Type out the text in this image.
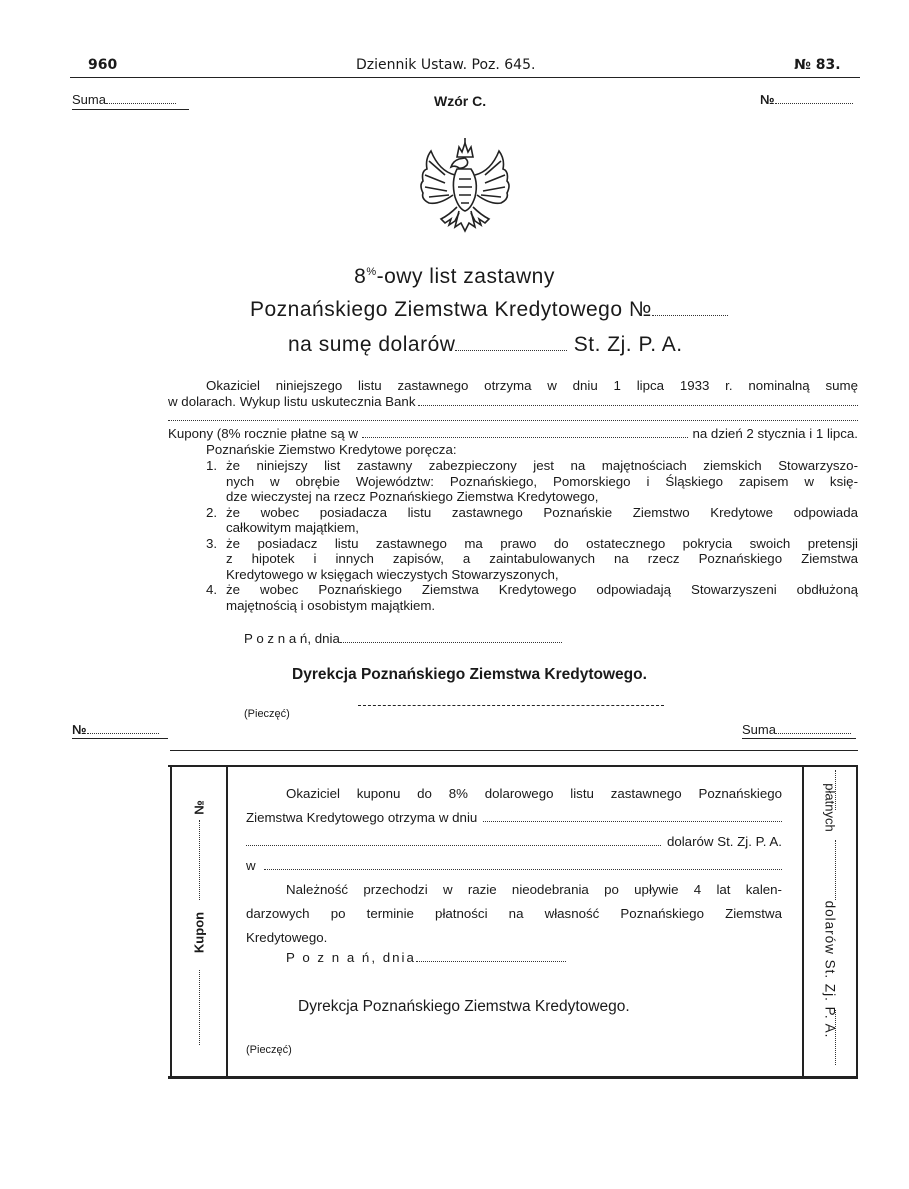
960	Dziennik Ustaw. Poz. 645.	№ 83.
Suma	Wzór C.	№
8%-owy list zastawny
Poznańskiego Ziemstwa Kredytowego №
na sumę dolarów	St. Zj. P. A.
Okaziciel niniejszego listu zastawnego otrzyma w dniu 1 lipca 1933 r. nominalną sumę
w dolarach. Wykup listu uskutecznia Bank
Kupony (8% rocznie płatne są w	na dzień 2 stycznia i 1 lipca.
Poznańskie Ziemstwo Kredytowe poręcza:
1. że niniejszy list zastawny zabezpieczony jest na majętnościach ziemskich Stowarzyszo-
nych w obrębie Województw: Poznańskiego, Pomorskiego i Śląskiego zapisem w księ-
dze wieczystej na rzecz Poznańskiego Ziemstwa Kredytowego,
2. że wobec posiadacza listu zastawnego Poznańskie Ziemstwo Kredytowe odpowiada
całkowitym majątkiem,
3. że posiadacz listu zastawnego ma prawo do ostatecznego pokrycia swoich pretensji
z hipotek i innych zapisów, a zaintabulowanych na rzecz Poznańskiego Ziemstwa
Kredytowego w księgach wieczystych Stowarzyszonych,
4. że wobec Poznańskiego Ziemstwa Kredytowego odpowiadają Stowarzyszeni obdłużoną
majętnością i osobistym majątkiem.
P o z n a ń, dnia
Dyrekcja Poznańskiego Ziemstwa Kredytowego.
(Pieczęć)
№	Suma
№
Kupon
płatnych
dolarów St. Zj. P. A.
Okaziciel kuponu do 8% dolarowego listu zastawnego Poznańskiego
Ziemstwa Kredytowego otrzyma w dniu
dolarów St. Zj. P. A.
w
Należność przechodzi w razie nieodebrania po upływie 4 lat kalen-
darzowych po terminie płatności na własność Poznańskiego Ziemstwa
Kredytowego.
P o z n a ń, dnia
Dyrekcja Poznańskiego Ziemstwa Kredytowego.
(Pieczęć)
